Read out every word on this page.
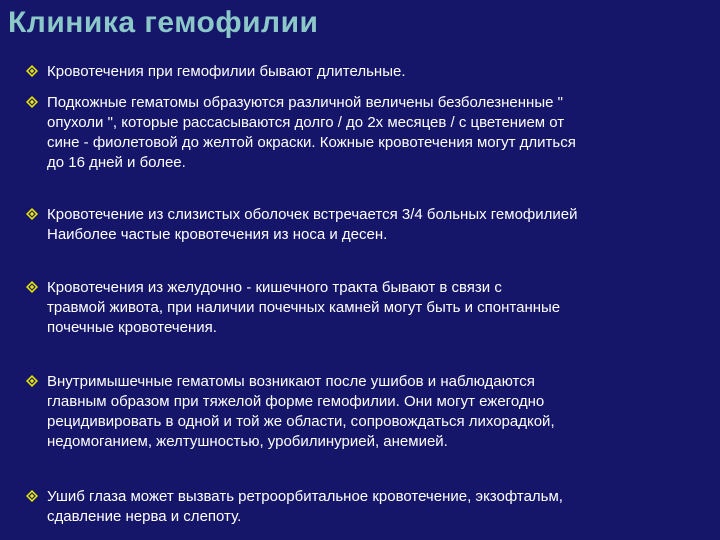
Клиника гемофилии
Кровотечения при гемофилии бывают длительные.
Подкожные гематомы образуются различной величены безболезненные "
опухоли ", которые рассасываются долго / до 2х месяцев / с цветением от
сине - фиолетовой до желтой окраски. Кожные кровотечения могут длиться
до 16 дней и более.
Кровотечение из слизистых оболочек встречается 3/4 больных гемофилией
Наиболее частые кровотечения из носа и десен.
Кровотечения из желудочно - кишечного тракта бывают в связи с
травмой живота, при наличии почечных камней могут быть и спонтанные
почечные кровотечения.
Внутримышечные гематомы возникают после ушибов и наблюдаются
главным образом при тяжелой форме гемофилии. Они могут ежегодно
рецидивировать в одной и той же области, сопровождаться лихорадкой,
недомоганием, желтушностью, уробилинурией, анемией.
Ушиб глаза может вызвать ретроорбитальное кровотечение, экзофтальм,
сдавление нерва и слепоту.
